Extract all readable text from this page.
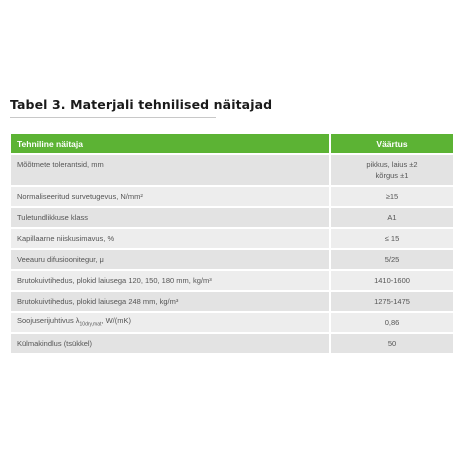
Tabel 3. Materjali tehnilised näitajad
Tehniline näitaja	Väärtus
Mõõtmete tolerantsid, mm	pikkus, laius ±2
kõrgus ±1

Normaliseeritud survetugevus, N/mm²	≥15
Tuletundlikkuse klass	A1
Kapillaarne niiskusimavus, %	≤ 15
Veeauru difusioonitegur, μ	5/25
Brutokuivtihedus, plokid laiusega 120, 150, 180 mm, kg/m³	1410-1600
Brutokuivtihedus, plokid laiusega 248 mm, kg/m³	1275-1475
Soojuserijuhtivus $\lambda_{10dry,mat}$, W/(mK)	0,86
Külmakindlus (tsükkel)	50
